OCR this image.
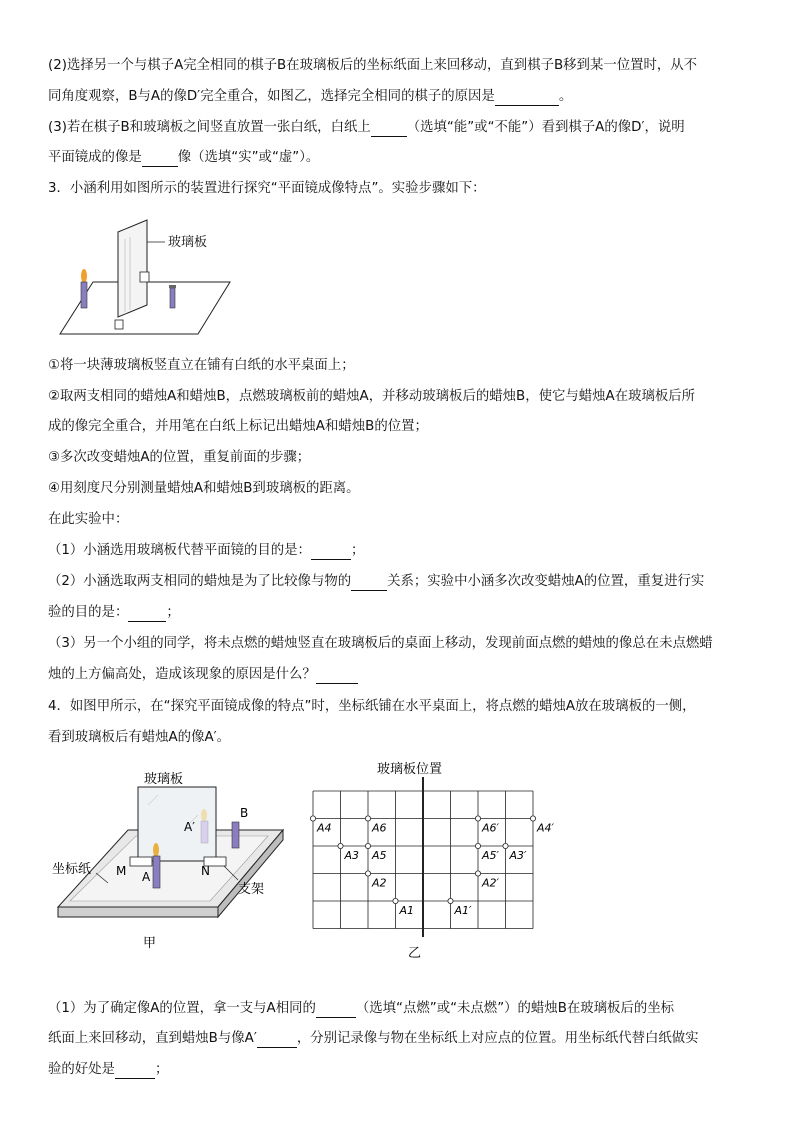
(2)选择另一个与棋子A完全相同的棋子B在玻璃板后的坐标纸面上来回移动，直到棋子B移到某一位置时，从不
同角度观察，B与A的像D′完全重合，如图乙，选择完全相同的棋子的原因是	。
(3)若在棋子B和玻璃板之间竖直放置一张白纸，白纸上	（选填“能”或“不能”）看到棋子A的像D′，说明
平面镜成的像是	像（选填“实”或“虚”）。
3．小涵利用如图所示的装置进行探究“平面镜成像特点”。实验步骤如下：
玻璃板
①将一块薄玻璃板竖直立在铺有白纸的水平桌面上；
②取两支相同的蜡烛A和蜡烛B，点燃玻璃板前的蜡烛A，并移动玻璃板后的蜡烛B，使它与蜡烛A在玻璃板后所
成的像完全重合，并用笔在白纸上标记出蜡烛A和蜡烛B的位置；
③多次改变蜡烛A的位置，重复前面的步骤；
④用刻度尺分别测量蜡烛A和蜡烛B到玻璃板的距离。
在此实验中：
（1）小涵选用玻璃板代替平面镜的目的是：	；
（2）小涵选取两支相同的蜡烛是为了比较像与物的	关系；实验中小涵多次改变蜡烛A的位置，重复进行实
验的目的是：	；
（3）另一个小组的同学，将未点燃的蜡烛竖直在玻璃板后的桌面上移动，发现前面点燃的蜡烛的像总在未点燃蜡
烛的上方偏高处，造成该现象的原因是什么？
4．如图甲所示，在“探究平面镜成像的特点”时，坐标纸铺在水平桌面上，将点燃的蜡烛A放在玻璃板的一侧，
看到玻璃板后有蜡烛A的像A′。
玻璃板
A′
B
M A	N
坐标纸
支架
甲
玻璃板位置
A4	A6
A3 A5
A2
A1
A6′	A4′
A5′ A3′
A2′
A1′
乙
（1）为了确定像A的位置，拿一支与A相同的	（选填“点燃”或“未点燃”）的蜡烛B在玻璃板后的坐标
纸面上来回移动，直到蜡烛B与像A′	，分别记录像与物在坐标纸上对应点的位置。用坐标纸代替白纸做实
验的好处是	；
